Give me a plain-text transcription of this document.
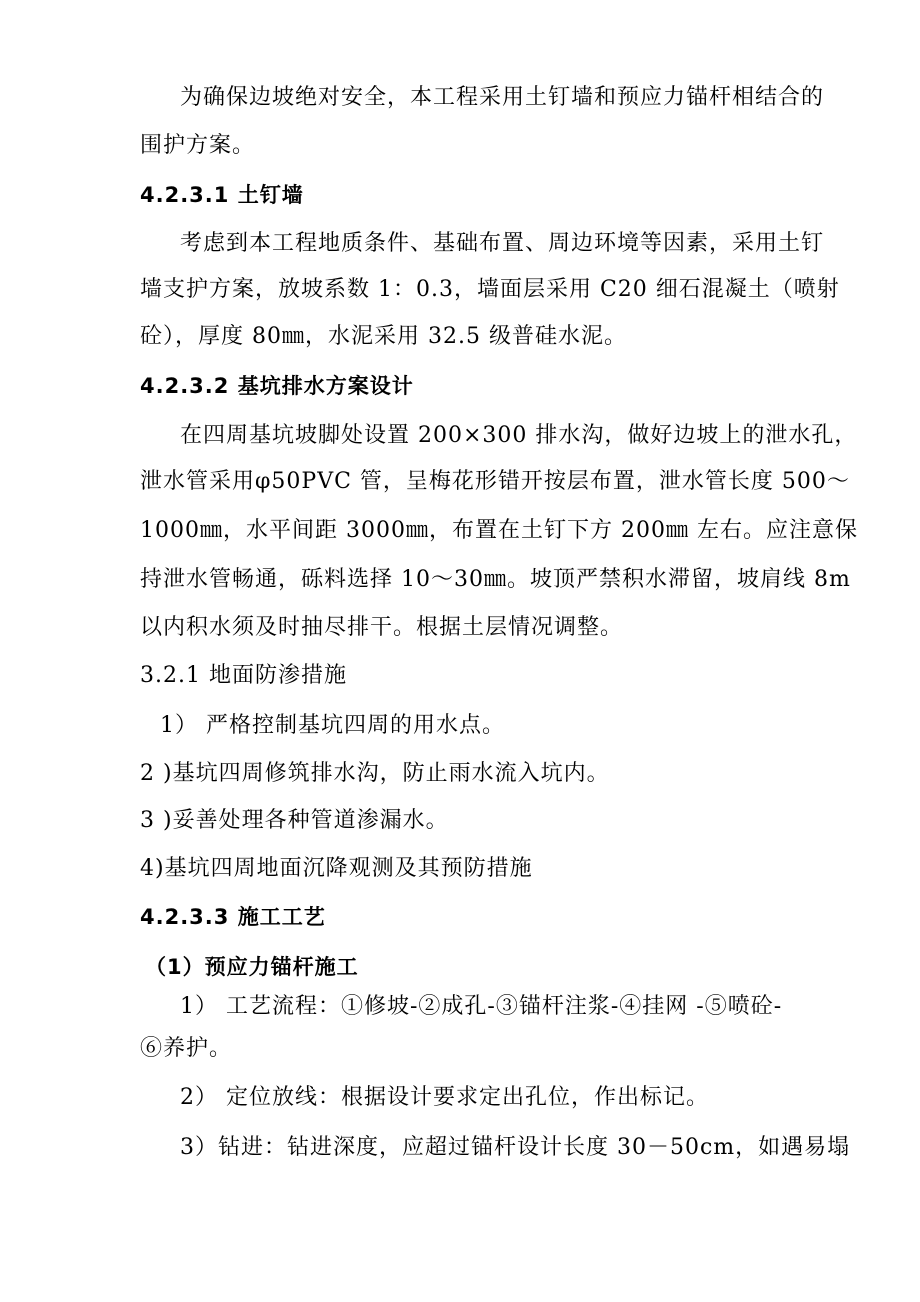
为确保边坡绝对安全，本工程采用土钉墙和预应力锚杆相结合的
围护方案。
4.2.3.1 土钉墙
考虑到本工程地质条件、基础布置、周边环境等因素，采用土钉
墙支护方案，放坡系数 1：0.3，墙面层采用 C20 细石混凝土（喷射
砼），厚度 80㎜，水泥采用 32.5 级普硅水泥。
4.2.3.2 基坑排水方案设计
在四周基坑坡脚处设置 200×300 排水沟，做好边坡上的泄水孔，
泄水管采用φ50PVC 管，呈梅花形错开按层布置，泄水管长度 500～
1000㎜，水平间距 3000㎜，布置在土钉下方 200㎜ 左右。应注意保
持泄水管畅通，砾料选择 10～30㎜。坡顶严禁积水滞留，坡肩线 8m
以内积水须及时抽尽排干。根据土层情况调整。
3.2.1 地面防渗措施
1） 严格控制基坑四周的用水点。
2 )基坑四周修筑排水沟，防止雨水流入坑内。
3 )妥善处理各种管道渗漏水。
4)基坑四周地面沉降观测及其预防措施
4.2.3.3 施工工艺
（1）预应力锚杆施工
1） 工艺流程：①修坡-②成孔-③锚杆注浆-④挂网 -⑤喷砼-
⑥养护。
2） 定位放线：根据设计要求定出孔位，作出标记。
3）钻进：钻进深度，应超过锚杆设计长度 30－50cm，如遇易塌
